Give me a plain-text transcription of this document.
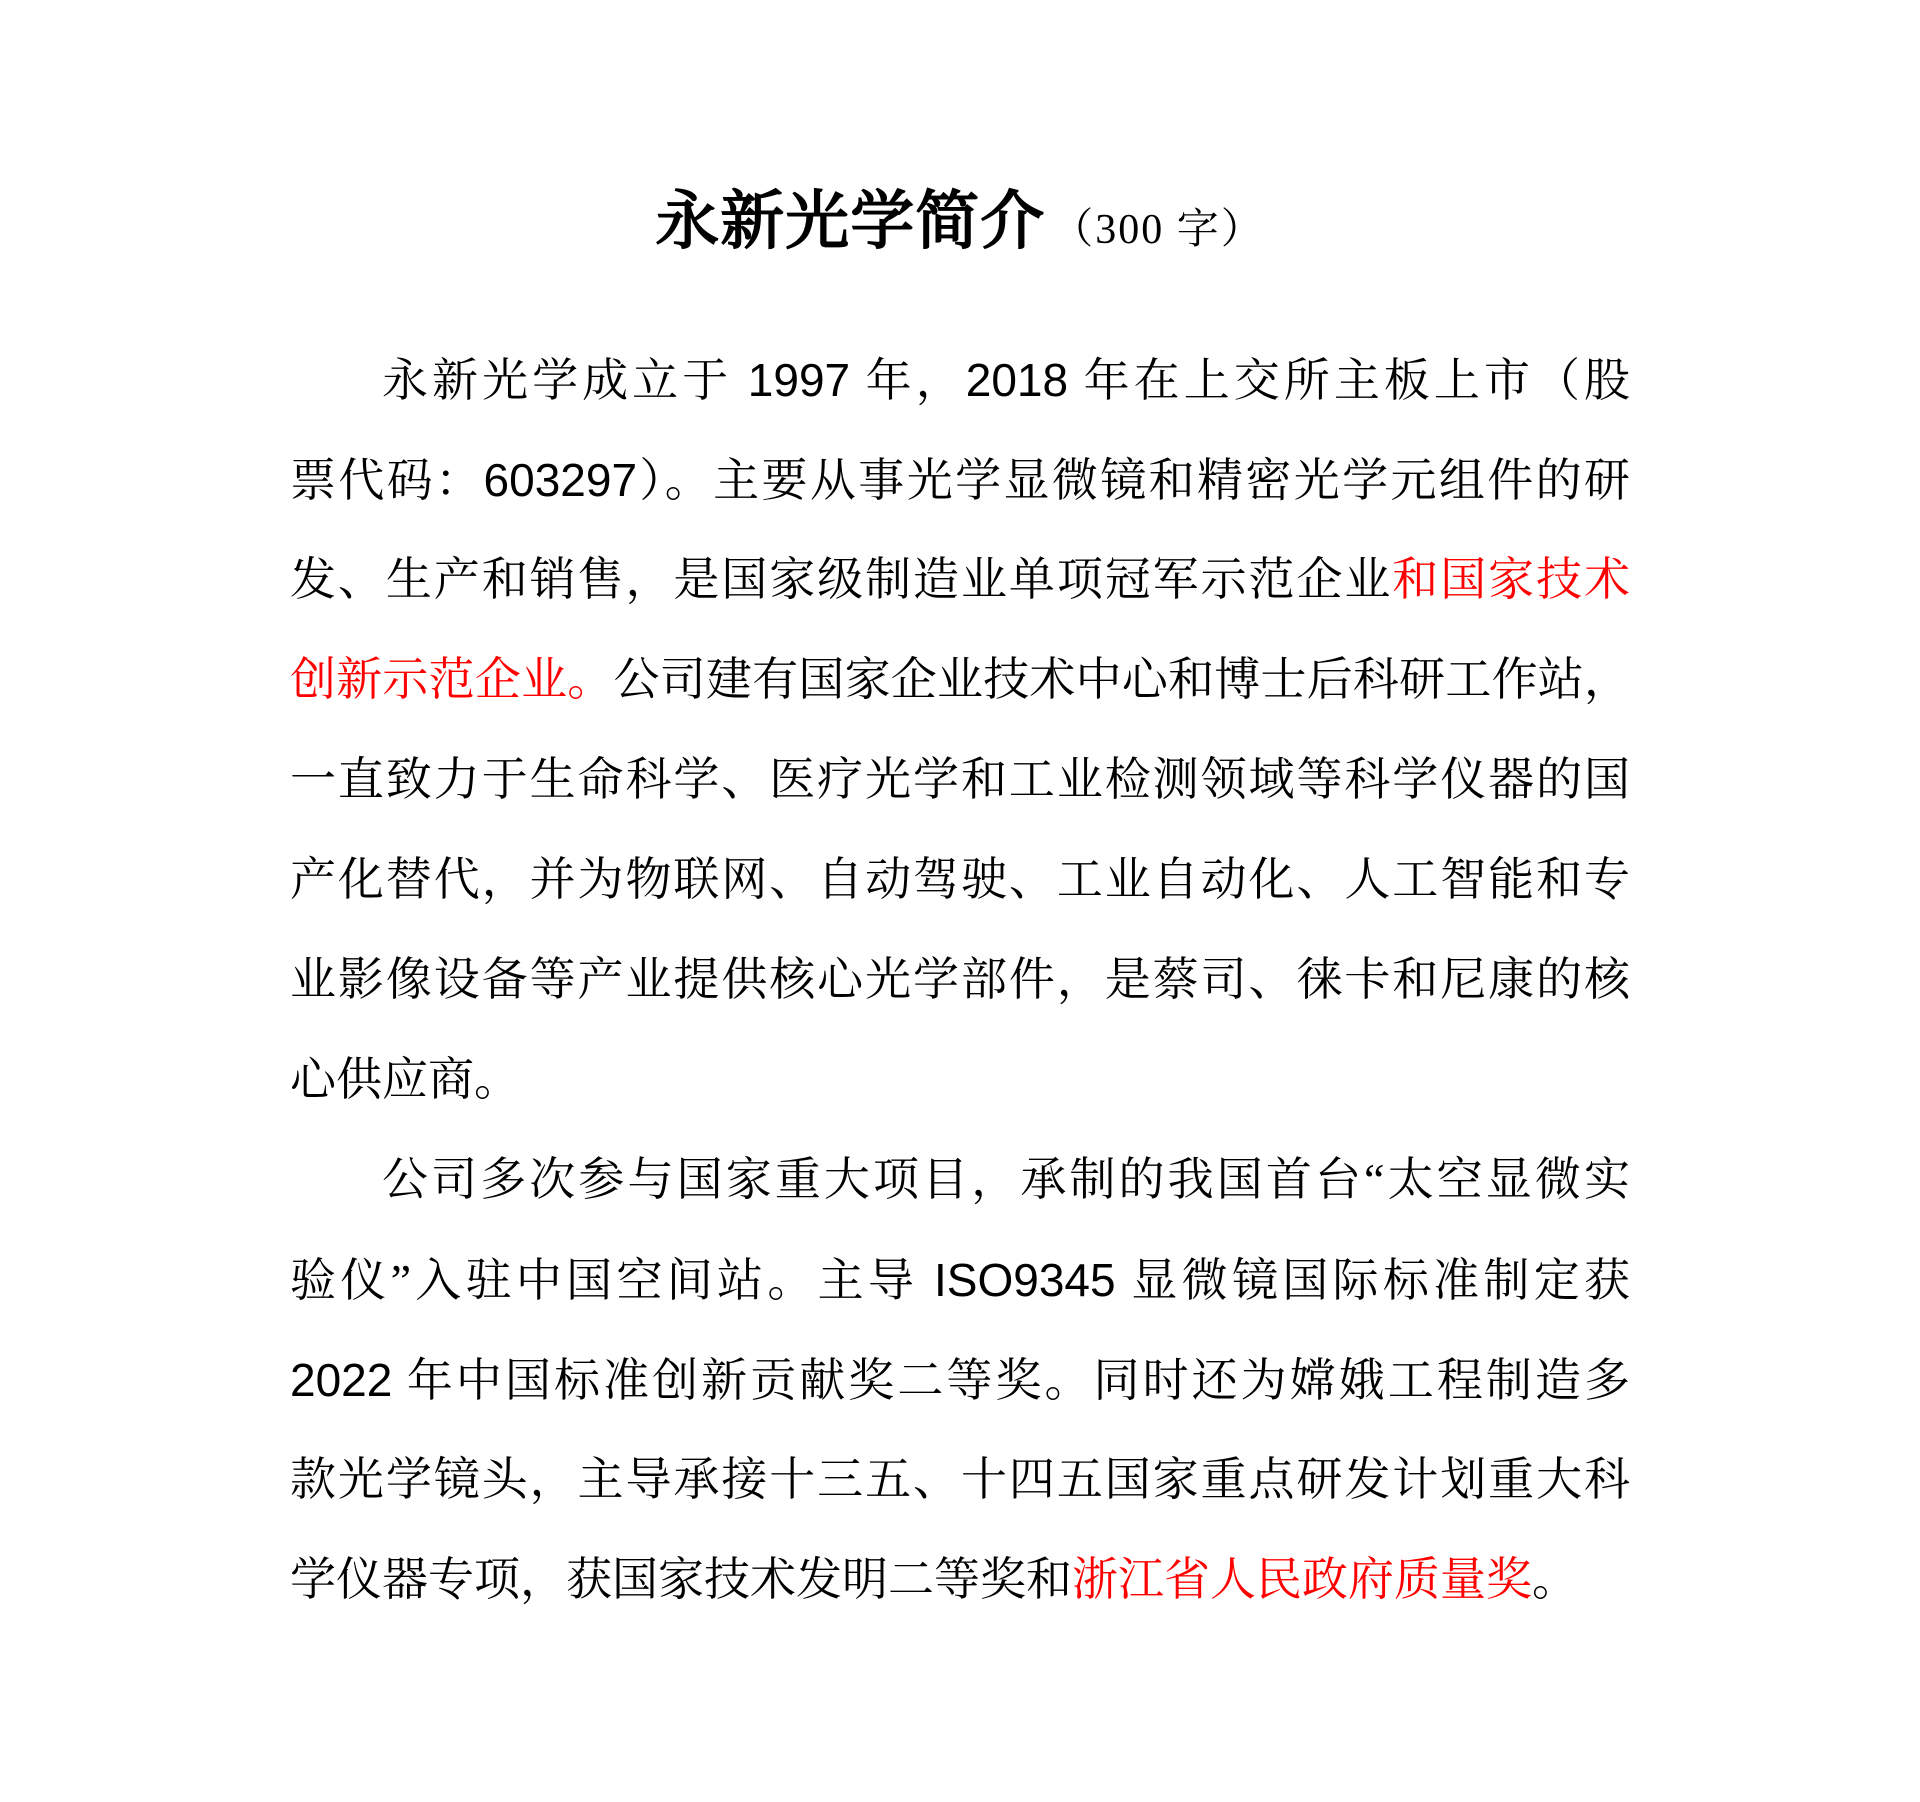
永新光学简介 （300 字）
永新光学成立于 1997 年，2018 年在上交所主板上市（股
票代码：603297）。主要从事光学显微镜和精密光学元组件的研
发、生产和销售，是国家级制造业单项冠军示范企业和国家技术
创新示范企业。公司建有国家企业技术中心和博士后科研工作站，
一直致力于生命科学、医疗光学和工业检测领域等科学仪器的国
产化替代，并为物联网、自动驾驶、工业自动化、人工智能和专
业影像设备等产业提供核心光学部件，是蔡司、徕卡和尼康的核
心供应商。
公司多次参与国家重大项目，承制的我国首台“太空显微实
验仪”入驻中国空间站。主导 ISO9345 显微镜国际标准制定获
2022 年中国标准创新贡献奖二等奖。同时还为嫦娥工程制造多
款光学镜头，主导承接十三五、十四五国家重点研发计划重大科
学仪器专项，获国家技术发明二等奖和浙江省人民政府质量奖。
